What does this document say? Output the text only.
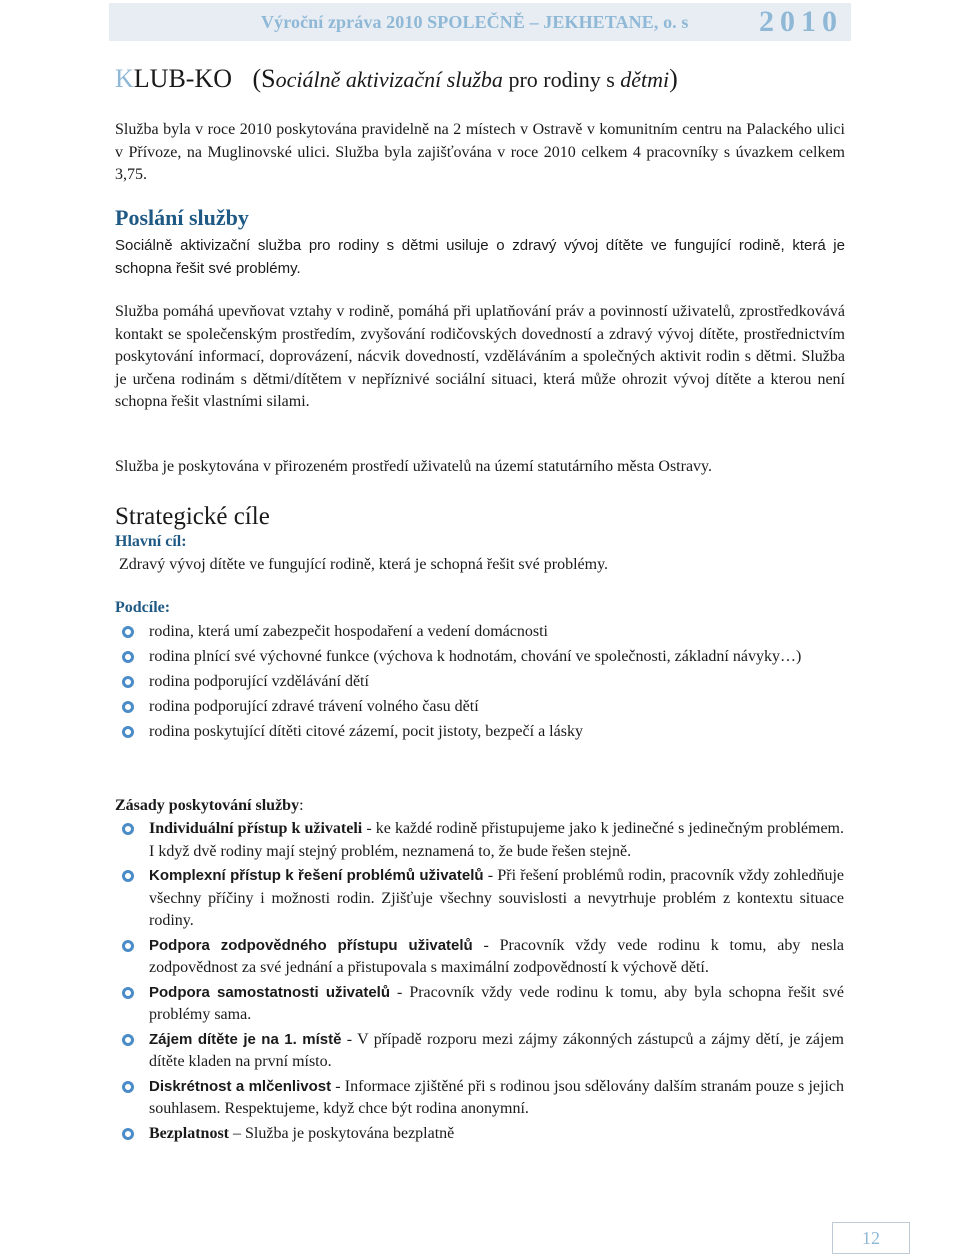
Výroční zpráva 2010 SPOLEČNĚ – JEKHETANE, o. s 2010
KLUB-KO (Sociálně aktivizační služba pro rodiny s dětmi)

Služba byla v roce 2010 poskytována pravidelně na 2 místech v Ostravě v komunitním centru na Palackého ulici v Přívoze, na Muglinovské ulici. Služba byla zajišťována v roce 2010 celkem 4 pracovníky s úvazkem celkem 3,75.

Poslání služby

Sociálně aktivizační služba pro rodiny s dětmi usiluje o zdravý vývoj dítěte ve fungující rodině, která je schopna řešit své problémy.

Služba pomáhá upevňovat vztahy v rodině, pomáhá při uplatňování práv a povinností uživatelů, zprostředkovává kontakt se společenským prostředím, zvyšování rodičovských dovedností a zdravý vývoj dítěte, prostřednictvím poskytování informací, doprovázení, nácvik dovedností, vzděláváním a společných aktivit rodin s dětmi. Služba je určena rodinám s dětmi/dítětem v nepříznivé sociální situaci, která může ohrozit vývoj dítěte a kterou není schopna řešit vlastními silami.

Služba je poskytována v přirozeném prostředí uživatelů na území statutárního města Ostravy.

Strategické cíle
Hlavní cíl:

Zdravý vývoj dítěte ve fungující rodině, která je schopná řešit své problémy.

Podcíle:
rodina, která umí zabezpečit hospodaření a vedení domácnosti
rodina plnící své výchovné funkce (výchova k hodnotám, chování ve společnosti, základní návyky…)
rodina podporující vzdělávání dětí
rodina podporující zdravé trávení volného času dětí
rodina poskytující dítěti citové zázemí, pocit jistoty, bezpečí a lásky
Zásady poskytování služby:
Individuální přístup k uživateli - ke každé rodině přistupujeme jako k jedinečné s jedinečným problémem. I když dvě rodiny mají stejný problém, neznamená to, že bude řešen stejně.
Komplexní přístup k řešení problémů uživatelů - Při řešení problémů rodin, pracovník vždy zohledňuje všechny příčiny i možnosti rodin. Zjišťuje všechny souvislosti a nevytrhuje problém z kontextu situace rodiny.
Podpora zodpovědného přístupu uživatelů - Pracovník vždy vede rodinu k tomu, aby nesla zodpovědnost za své jednání a přistupovala s maximální zodpovědností k výchově dětí.
Podpora samostatnosti uživatelů - Pracovník vždy vede rodinu k tomu, aby byla schopna řešit své problémy sama.
Zájem dítěte je na 1. místě - V případě rozporu mezi zájmy zákonných zástupců a zájmy dětí, je zájem dítěte kladen na první místo.
Diskrétnost a mlčenlivost - Informace zjištěné při s rodinou jsou sdělovány dalším stranám pouze s jejich souhlasem. Respektujeme, když chce být rodina anonymní.
Bezplatnost – Služba je poskytována bezplatně
12
